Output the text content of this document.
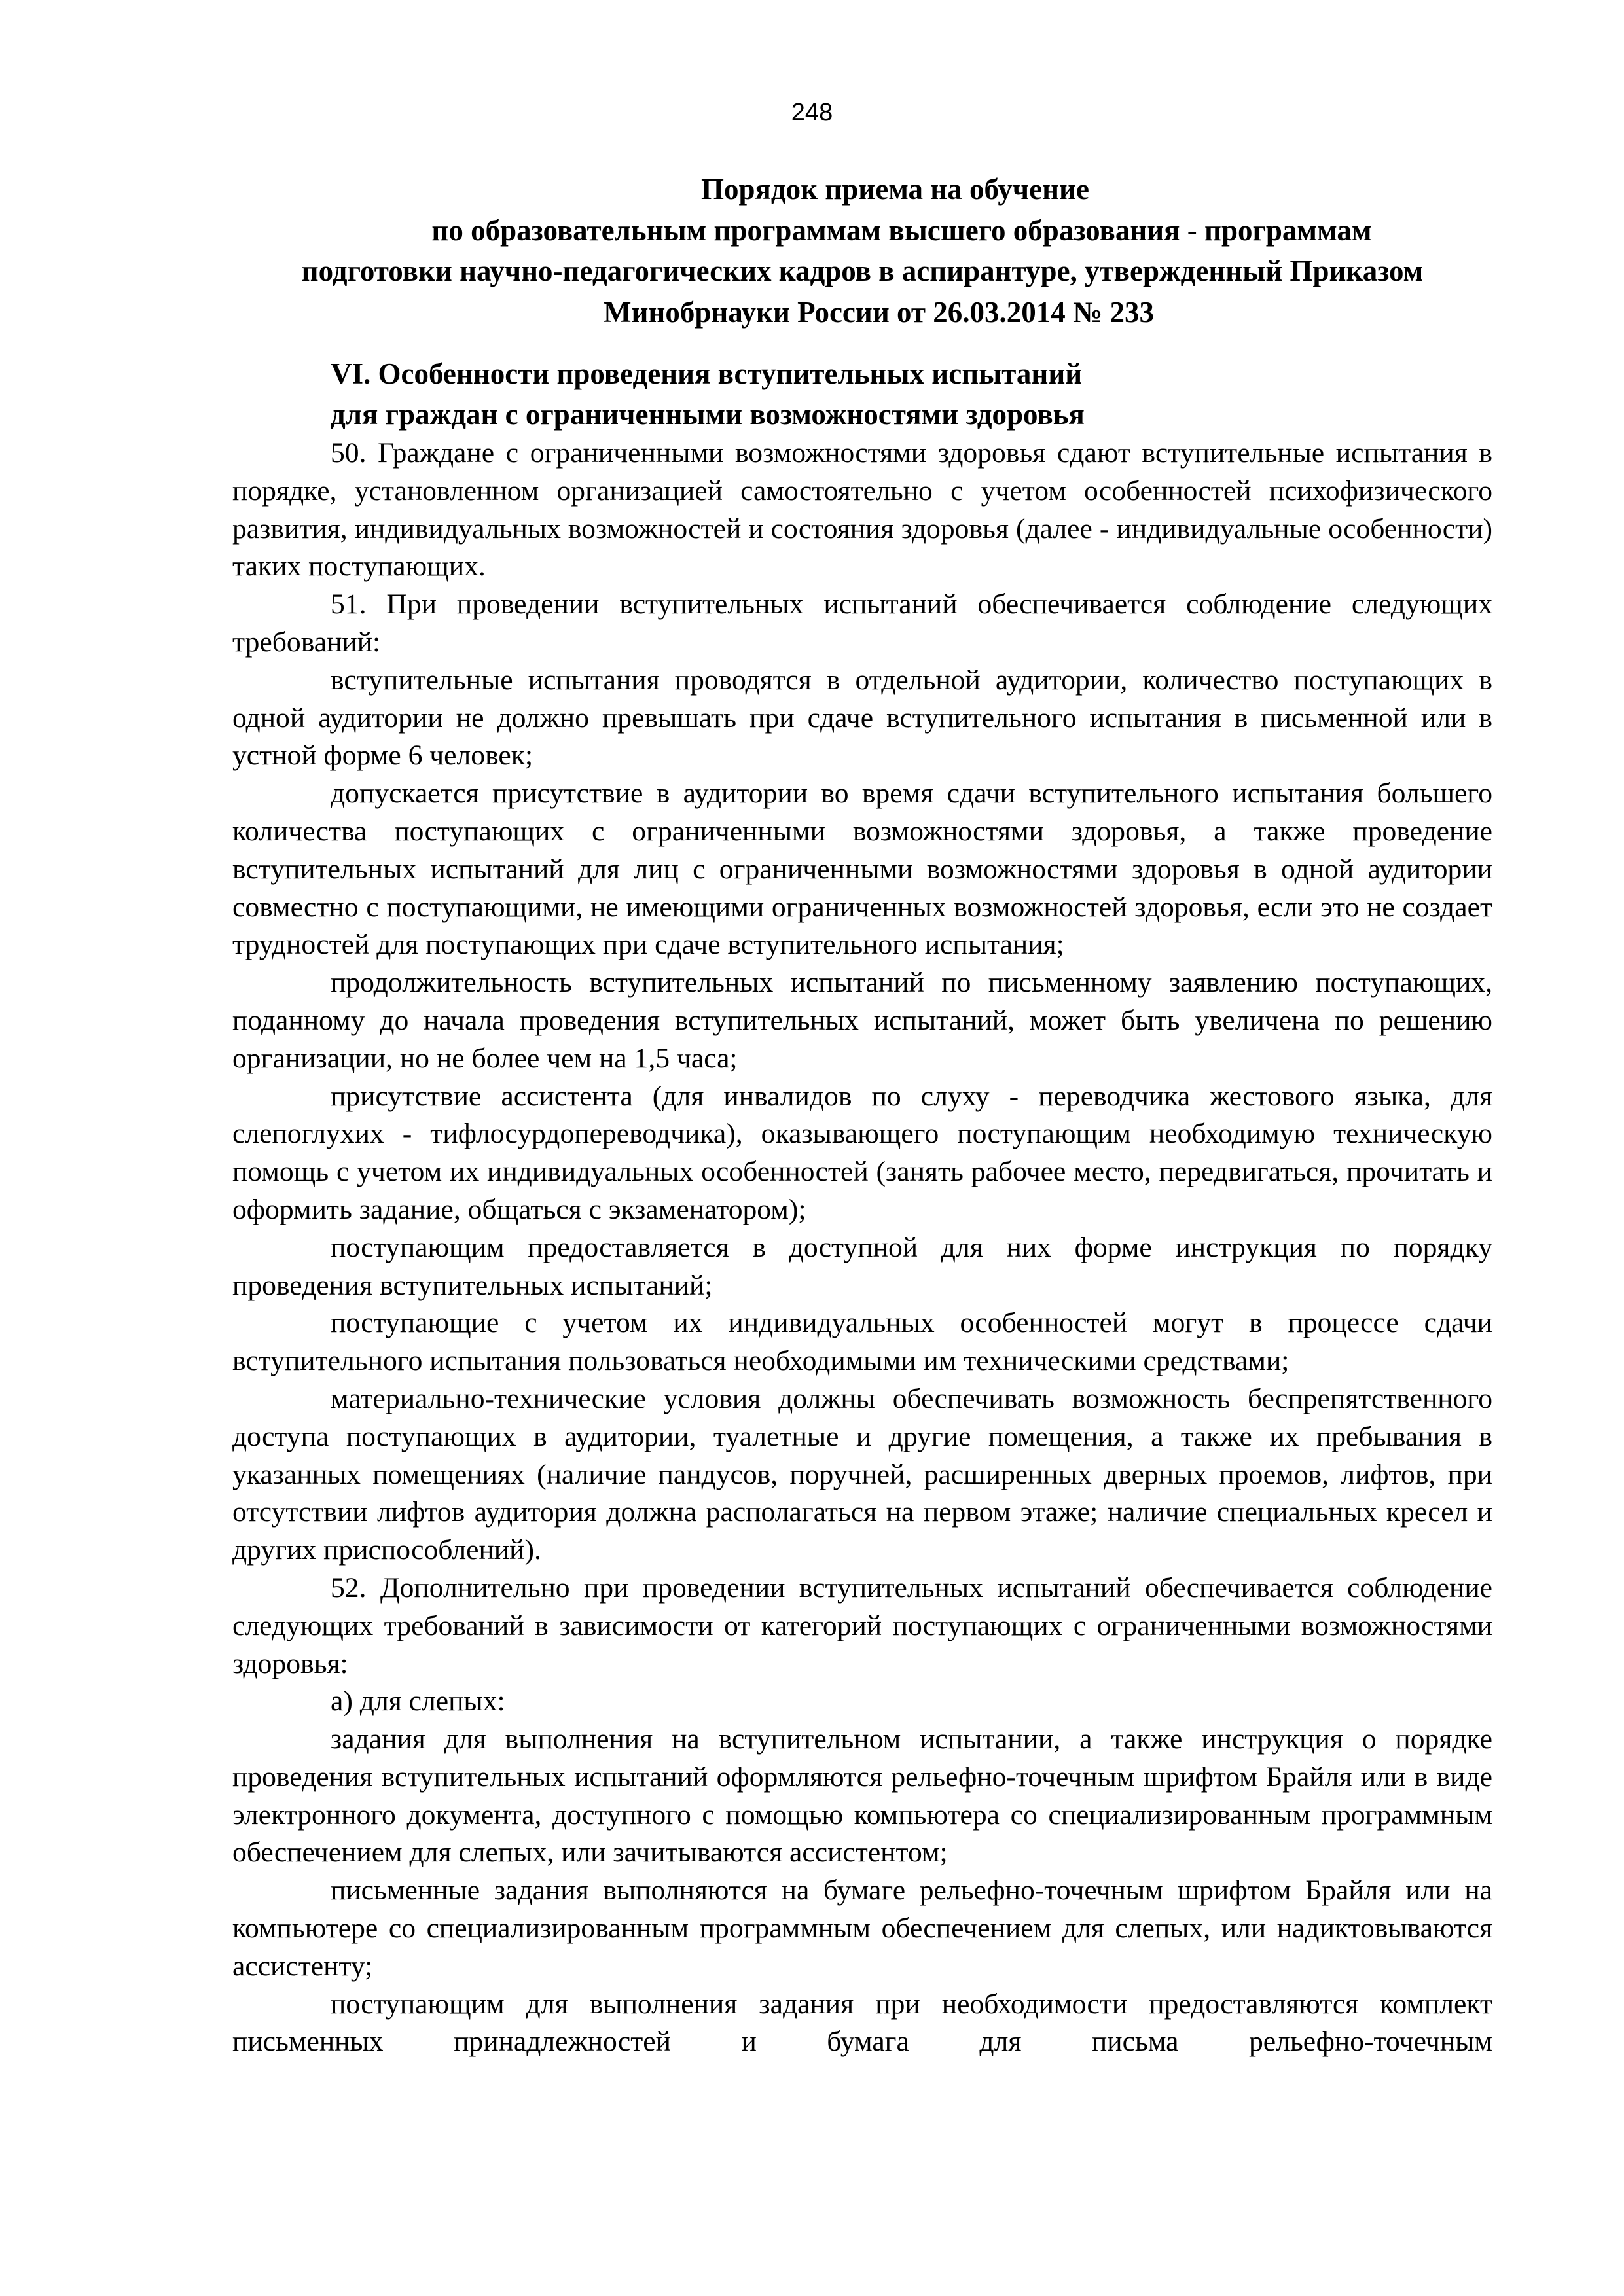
248
Порядок приема на обучение
по образовательным программам высшего образования - программам
подготовки научно-педагогических кадров в аспирантуре, утвержденный Приказом
Минобрнауки России от 26.03.2014 № 233
VI. Особенности проведения вступительных испытаний
для граждан с ограниченными возможностями здоровья

50. Граждане с ограниченными возможностями здоровья сдают вступительные испытания в порядке, установленном организацией самостоятельно с учетом особенностей психофизического развития, индивидуальных возможностей и состояния здоровья (далее - индивидуальные особенности) таких поступающих.

51. При проведении вступительных испытаний обеспечивается соблюдение следующих требований:

вступительные испытания проводятся в отдельной аудитории, количество поступающих в одной аудитории не должно превышать при сдаче вступительного испытания в письменной или в устной форме 6 человек;

допускается присутствие в аудитории во время сдачи вступительного испытания большего количества поступающих с ограниченными возможностями здоровья, а также проведение вступительных испытаний для лиц с ограниченными возможностями здоровья в одной аудитории совместно с поступающими, не имеющими ограниченных возможностей здоровья, если это не создает трудностей для поступающих при сдаче вступительного испытания;

продолжительность вступительных испытаний по письменному заявлению поступающих, поданному до начала проведения вступительных испытаний, может быть увеличена по решению организации, но не более чем на 1,5 часа;

присутствие ассистента (для инвалидов по слуху - переводчика жестового языка, для слепоглухих - тифлосурдопереводчика), оказывающего поступающим необходимую техническую помощь с учетом их индивидуальных особенностей (занять рабочее место, передвигаться, прочитать и оформить задание, общаться с экзаменатором);

поступающим предоставляется в доступной для них форме инструкция по порядку проведения вступительных испытаний;

поступающие с учетом их индивидуальных особенностей могут в процессе сдачи вступительного испытания пользоваться необходимыми им техническими средствами;

материально-технические условия должны обеспечивать возможность беспрепятственного доступа поступающих в аудитории, туалетные и другие помещения, а также их пребывания в указанных помещениях (наличие пандусов, поручней, расширенных дверных проемов, лифтов, при отсутствии лифтов аудитория должна располагаться на первом этаже; наличие специальных кресел и других приспособлений).

52. Дополнительно при проведении вступительных испытаний обеспечивается соблюдение следующих требований в зависимости от категорий поступающих с ограниченными возможностями здоровья:

а) для слепых:

задания для выполнения на вступительном испытании, а также инструкция о порядке проведения вступительных испытаний оформляются рельефно-точечным шрифтом Брайля или в виде электронного документа, доступного с помощью компьютера со специализированным программным обеспечением для слепых, или зачитываются ассистентом;

письменные задания выполняются на бумаге рельефно-точечным шрифтом Брайля или на компьютере со специализированным программным обеспечением для слепых, или надиктовываются ассистенту;

поступающим для выполнения задания при необходимости предоставляются комплект письменных принадлежностей и бумага для письма рельефно-точечным
